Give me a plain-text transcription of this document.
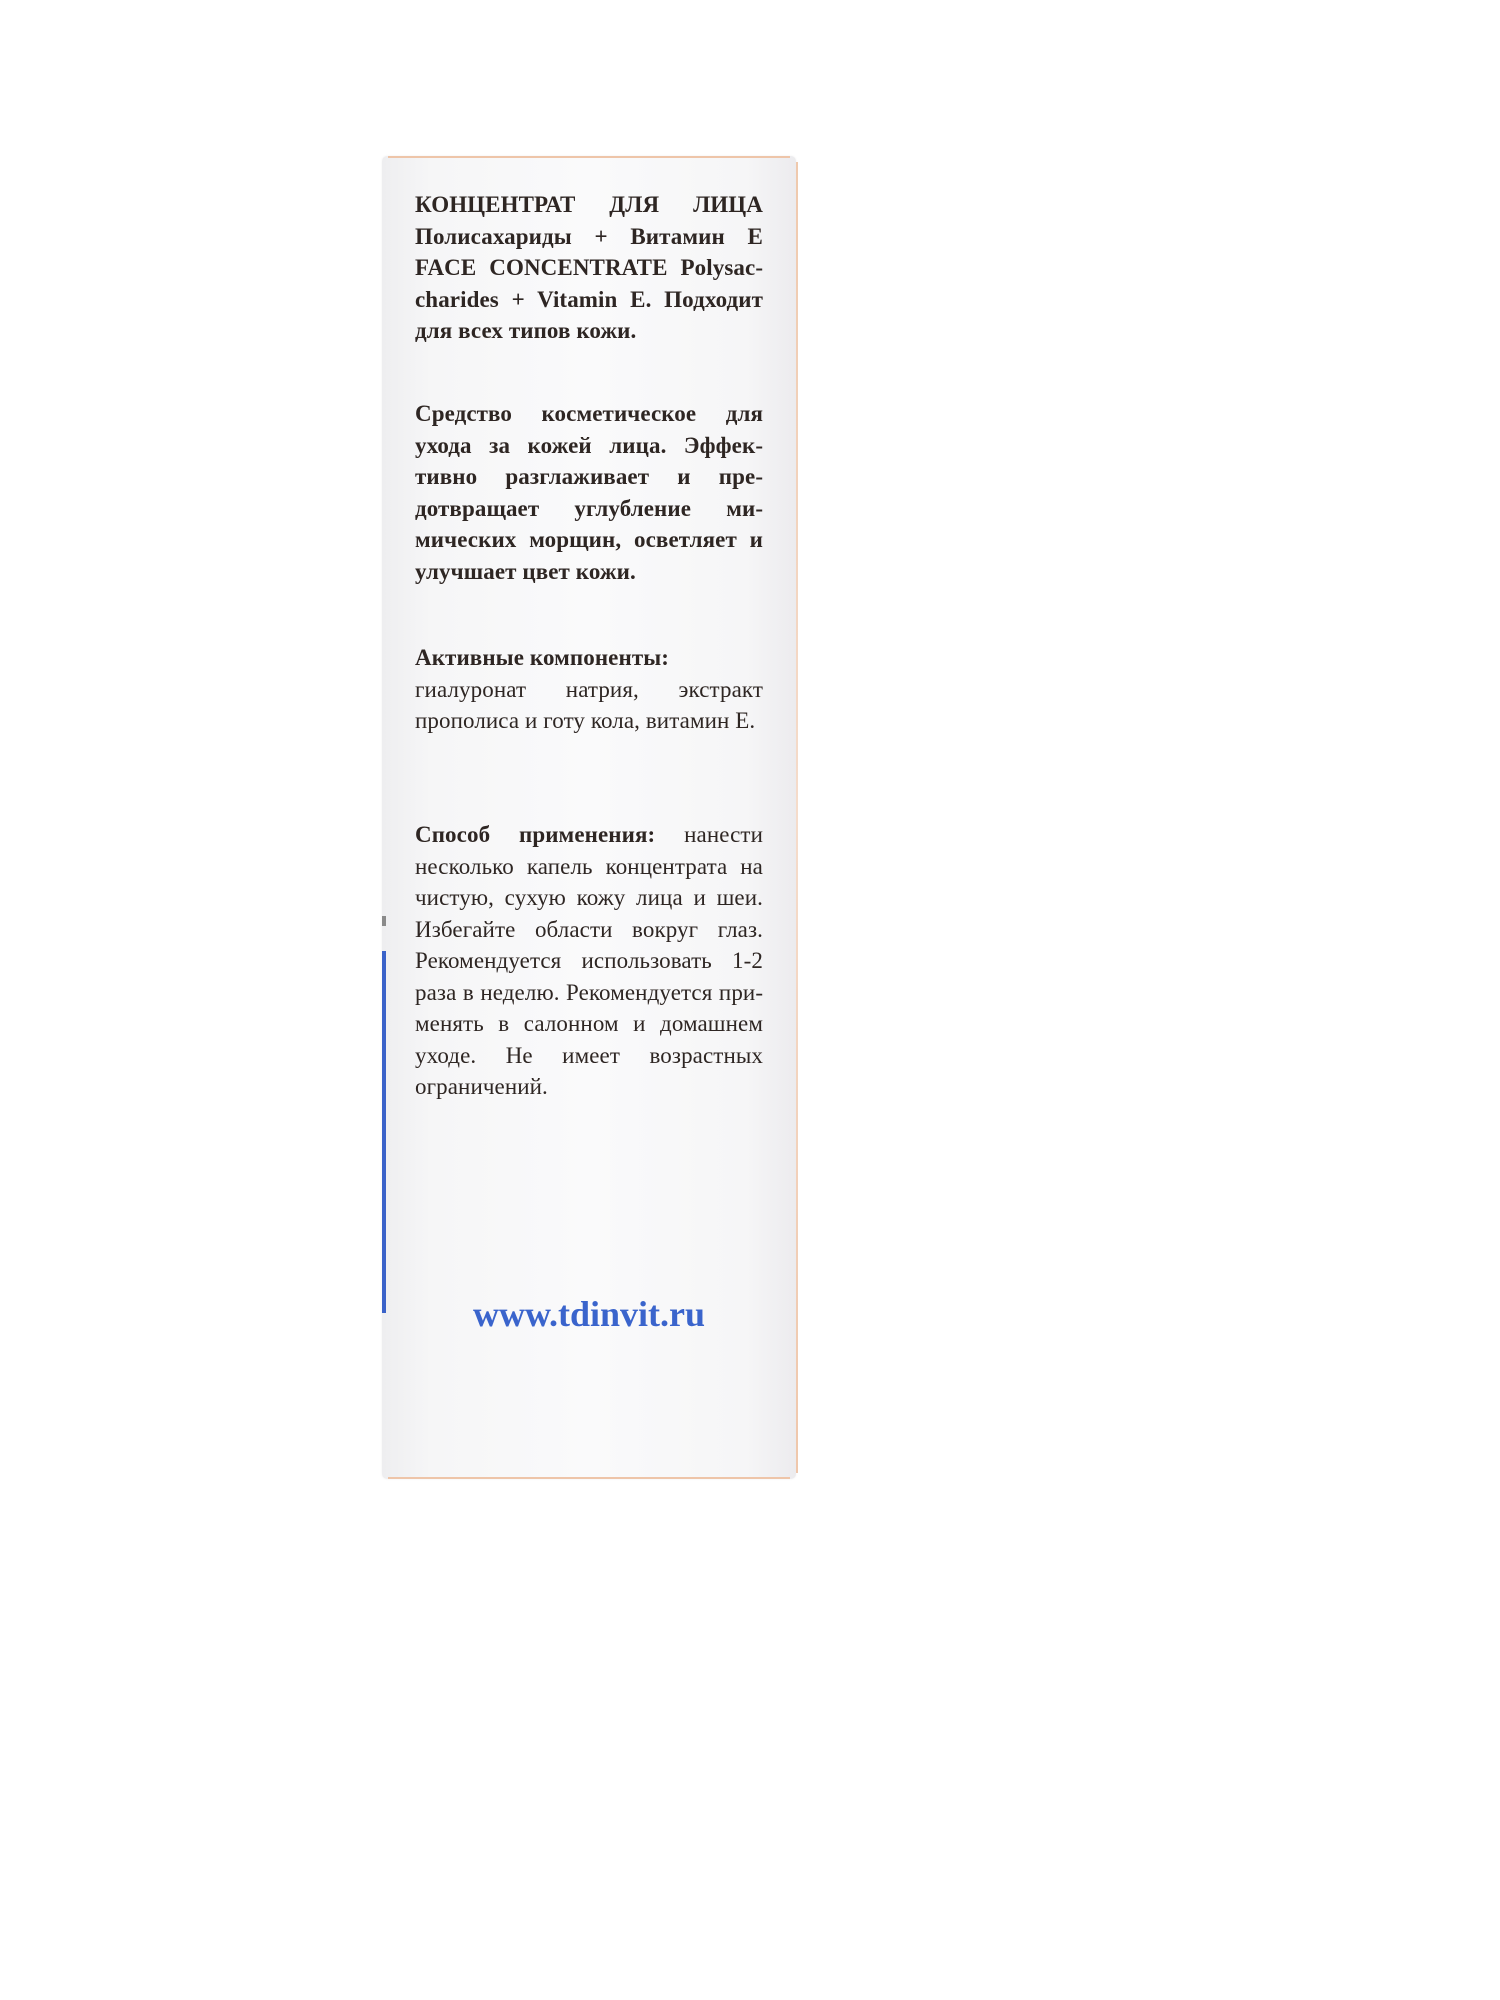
КОНЦЕНТРАТ ДЛЯ ЛИЦА Полисахариды + Витамин Е FACE CONCENTRATE Polysaccharides + Vitamin E. Подходит для всех типов кожи.
Средство косметическое для ухода за кожей лица. Эффективно разглаживает и предотвращает углубление мимических морщин, осветляет и улучшает цвет кожи.
Активные компоненты:
гиалуронат натрия, экстракт прополиса и готу кола, витамин Е.
Способ применения: нанести несколько капель концентрата на чистую, сухую кожу лица и шеи. Избегайте области вокруг глаз. Рекомендуется использовать 1-2 раза в неделю. Рекомендуется применять в салонном и домашнем уходе. Не имеет возрастных ограничений.
www.tdinvit.ru
